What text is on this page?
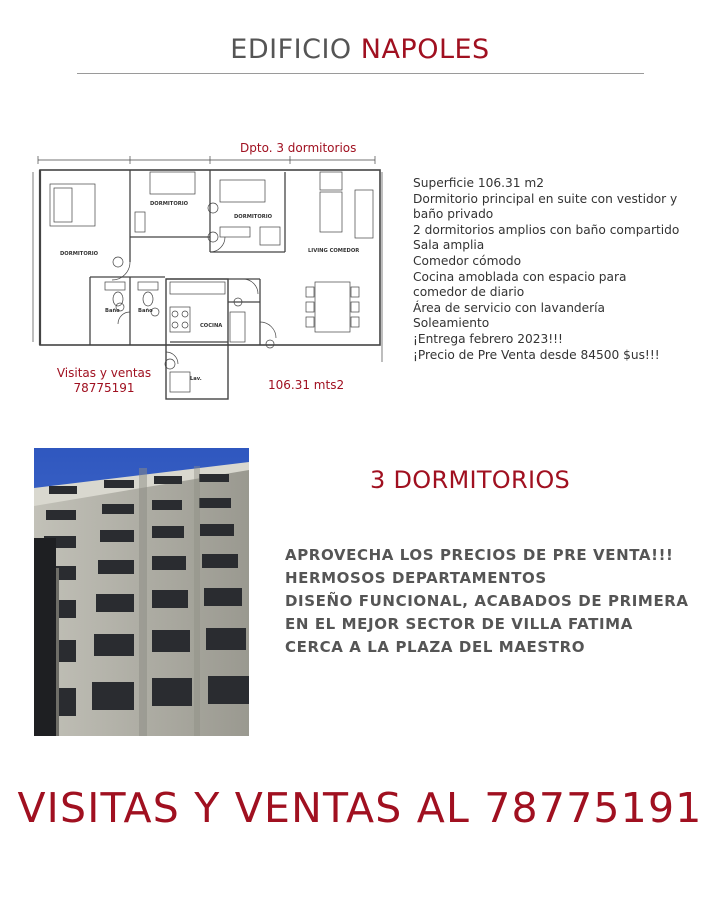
EDIFICIO NAPOLES
Dpto. 3 dormitorios
DORMITORIO
DORMITORIO
DORMITORIO
LIVING COMEDOR
COCINA
Baño	Baño
Lav.
Visitas y ventas
78775191	106.31 mts2
Superficie 106.31 m2
Dormitorio principal en suite con vestidor y
baño privado
2 dormitorios amplios con baño compartido
Sala amplia
Comedor cómodo
Cocina amoblada con espacio para
comedor de diario
Área de servicio con lavandería
Soleamiento
¡Entrega febrero 2023!!!
¡Precio de Pre Venta desde 84500 $us!!!
3 DORMITORIOS
APROVECHA LOS PRECIOS DE PRE VENTA!!!
HERMOSOS DEPARTAMENTOS
DISEÑO FUNCIONAL, ACABADOS DE PRIMERA
EN EL MEJOR SECTOR DE VILLA FATIMA
CERCA A LA PLAZA DEL MAESTRO
VISITAS Y VENTAS AL 78775191
